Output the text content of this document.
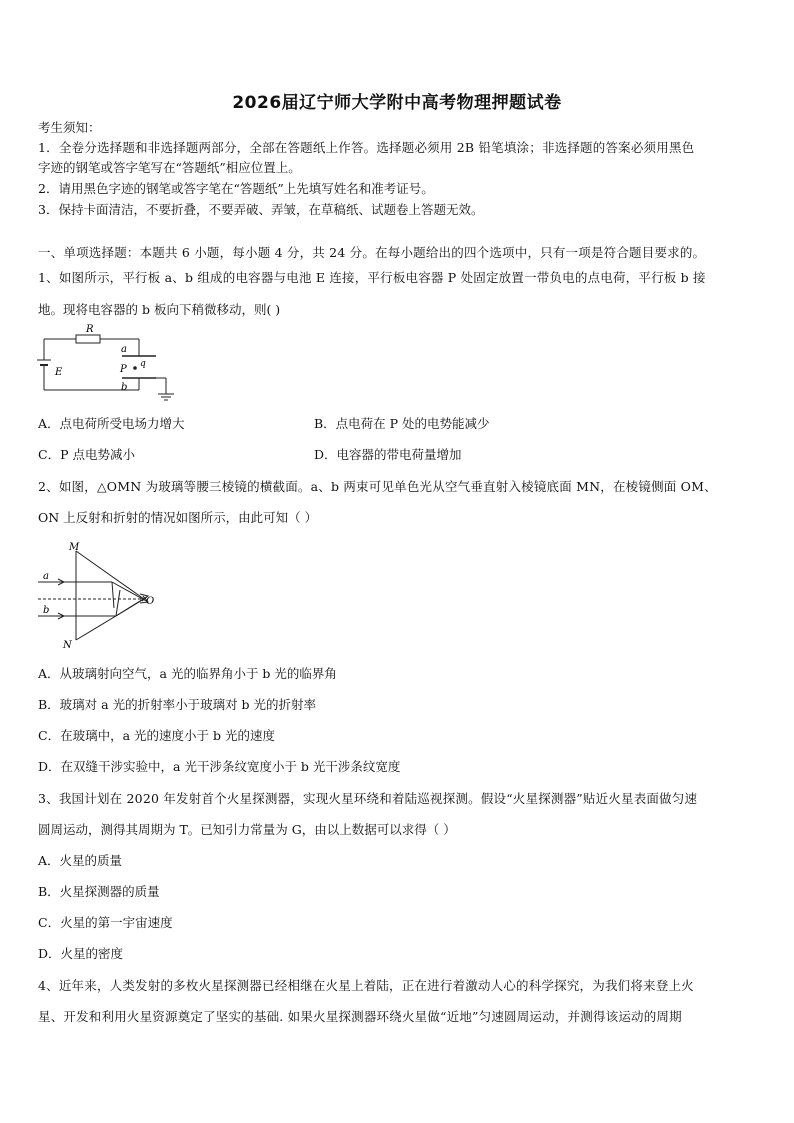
2026届辽宁师大学附中高考物理押题试卷
考生须知：
1．全卷分选择题和非选择题两部分，全部在答题纸上作答。选择题必须用 2B 铅笔填涂；非选择题的答案必须用黑色
字迹的钢笔或答字笔写在“答题纸”相应位置上。
2．请用黑色字迹的钢笔或答字笔在“答题纸”上先填写姓名和准考证号。
3．保持卡面清洁，不要折叠，不要弄破、弄皱，在草稿纸、试题卷上答题无效。
一、单项选择题：本题共 6 小题，每小题 4 分，共 24 分。在每小题给出的四个选项中，只有一项是符合题目要求的。
1、如图所示，平行板 a、b 组成的电容器与电池 E 连接，平行板电容器 P 处固定放置一带负电的点电荷，平行板 b 接
地。现将电容器的 b 板向下稍微移动，则( )
R
a
b
P q
E
A．点电荷所受电场力增大	B．点电荷在 P 处的电势能减少
C．P 点电势减小	D．电容器的带电荷量增加
2、如图，△OMN 为玻璃等腰三棱镜的横截面。a、b 两束可见单色光从空气垂直射入棱镜底面 MN，在棱镜侧面 OM、
ON 上反射和折射的情况如图所示，由此可知（ ）
M
N
O
a
b
A．从玻璃射向空气，a 光的临界角小于 b 光的临界角
B．玻璃对 a 光的折射率小于玻璃对 b 光的折射率
C．在玻璃中，a 光的速度小于 b 光的速度
D．在双缝干涉实验中，a 光干涉条纹宽度小于 b 光干涉条纹宽度
3、我国计划在 2020 年发射首个火星探测器，实现火星环绕和着陆巡视探测。假设“火星探测器”贴近火星表面做匀速
圆周运动，测得其周期为 T。已知引力常量为 G，由以上数据可以求得（ ）
A．火星的质量
B．火星探测器的质量
C．火星的第一宇宙速度
D．火星的密度
4、近年来，人类发射的多枚火星探测器已经相继在火星上着陆，正在进行着激动人心的科学探究，为我们将来登上火
星、开发和利用火星资源奠定了坚实的基础. 如果火星探测器环绕火星做“近地”匀速圆周运动，并测得该运动的周期
